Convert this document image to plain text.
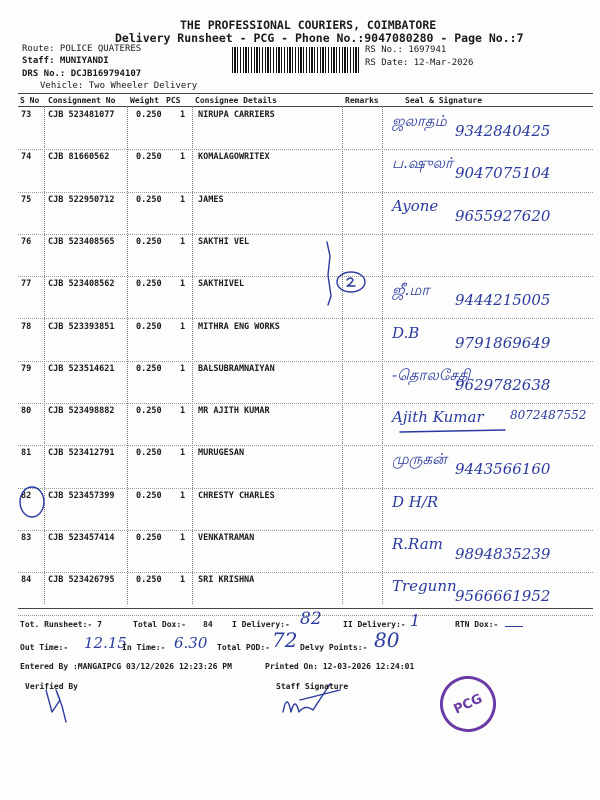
THE PROFESSIONAL COURIERS, COIMBATORE
Delivery Runsheet - PCG - Phone No.:9047080280 - Page No.:7
Route: POLICE QUATERES
Staff: MUNIYANDI
DRS No.: DCJB169794107
Vehicle: Two Wheeler Delivery
RS No.: 1697941
RS Date: 12-Mar-2026
S No Consignment No Weight PCS Consignee Details	Remarks	Seal & Signature
73 CJB 523481077	0.250 1 NIRUPA CARRIERS	ஜலாதம்
9342840425
74 CJB 81660562	0.250 1 KOMALAGOWRITEX	ப.ஷுலர்
9047075104
75 CJB 522950712	0.250 1 JAMES	Ayone
9655927620
76 CJB 523408565	0.250 1 SAKTHI VEL
77 CJB 523408562	0.250 1 SAKTHIVEL	ஜீ.மா
9444215005
78 CJB 523393851	0.250 1 MITHRA ENG WORKS	D.B
9791869649
79 CJB 523514621	0.250 1 BALSUBRAMNAIYAN	-தொலசேதி
9629782638
80 CJB 523498882	0.250 1 MR AJITH KUMAR	Ajith Kumar 8072487552
81 CJB 523412791	0.250 1 MURUGESAN	முருகன்
9443566160
82 CJB 523457399	0.250 1 CHRESTY CHARLES	D H/R
83 CJB 523457414	0.250 1 VENKATRAMAN	R.Ram
9894835239
84 CJB 523426795	0.250 1 SRI KRISHNA	Tregunn
9566661952
Tot. Runsheet:- 7	Total Dox:- 84 I Delivery:- 82	II Delivery:- 1	RTN Dox:-
Out Time:- 12.15
In Time:- 6.30 Total POD:- 72 Delvy Points:- 80
Entered By :MANGAIPCG 03/12/2026 12:23:26 PM	Printed On: 12-03-2026 12:24:01
Verified By	Staff Signature
PCG
